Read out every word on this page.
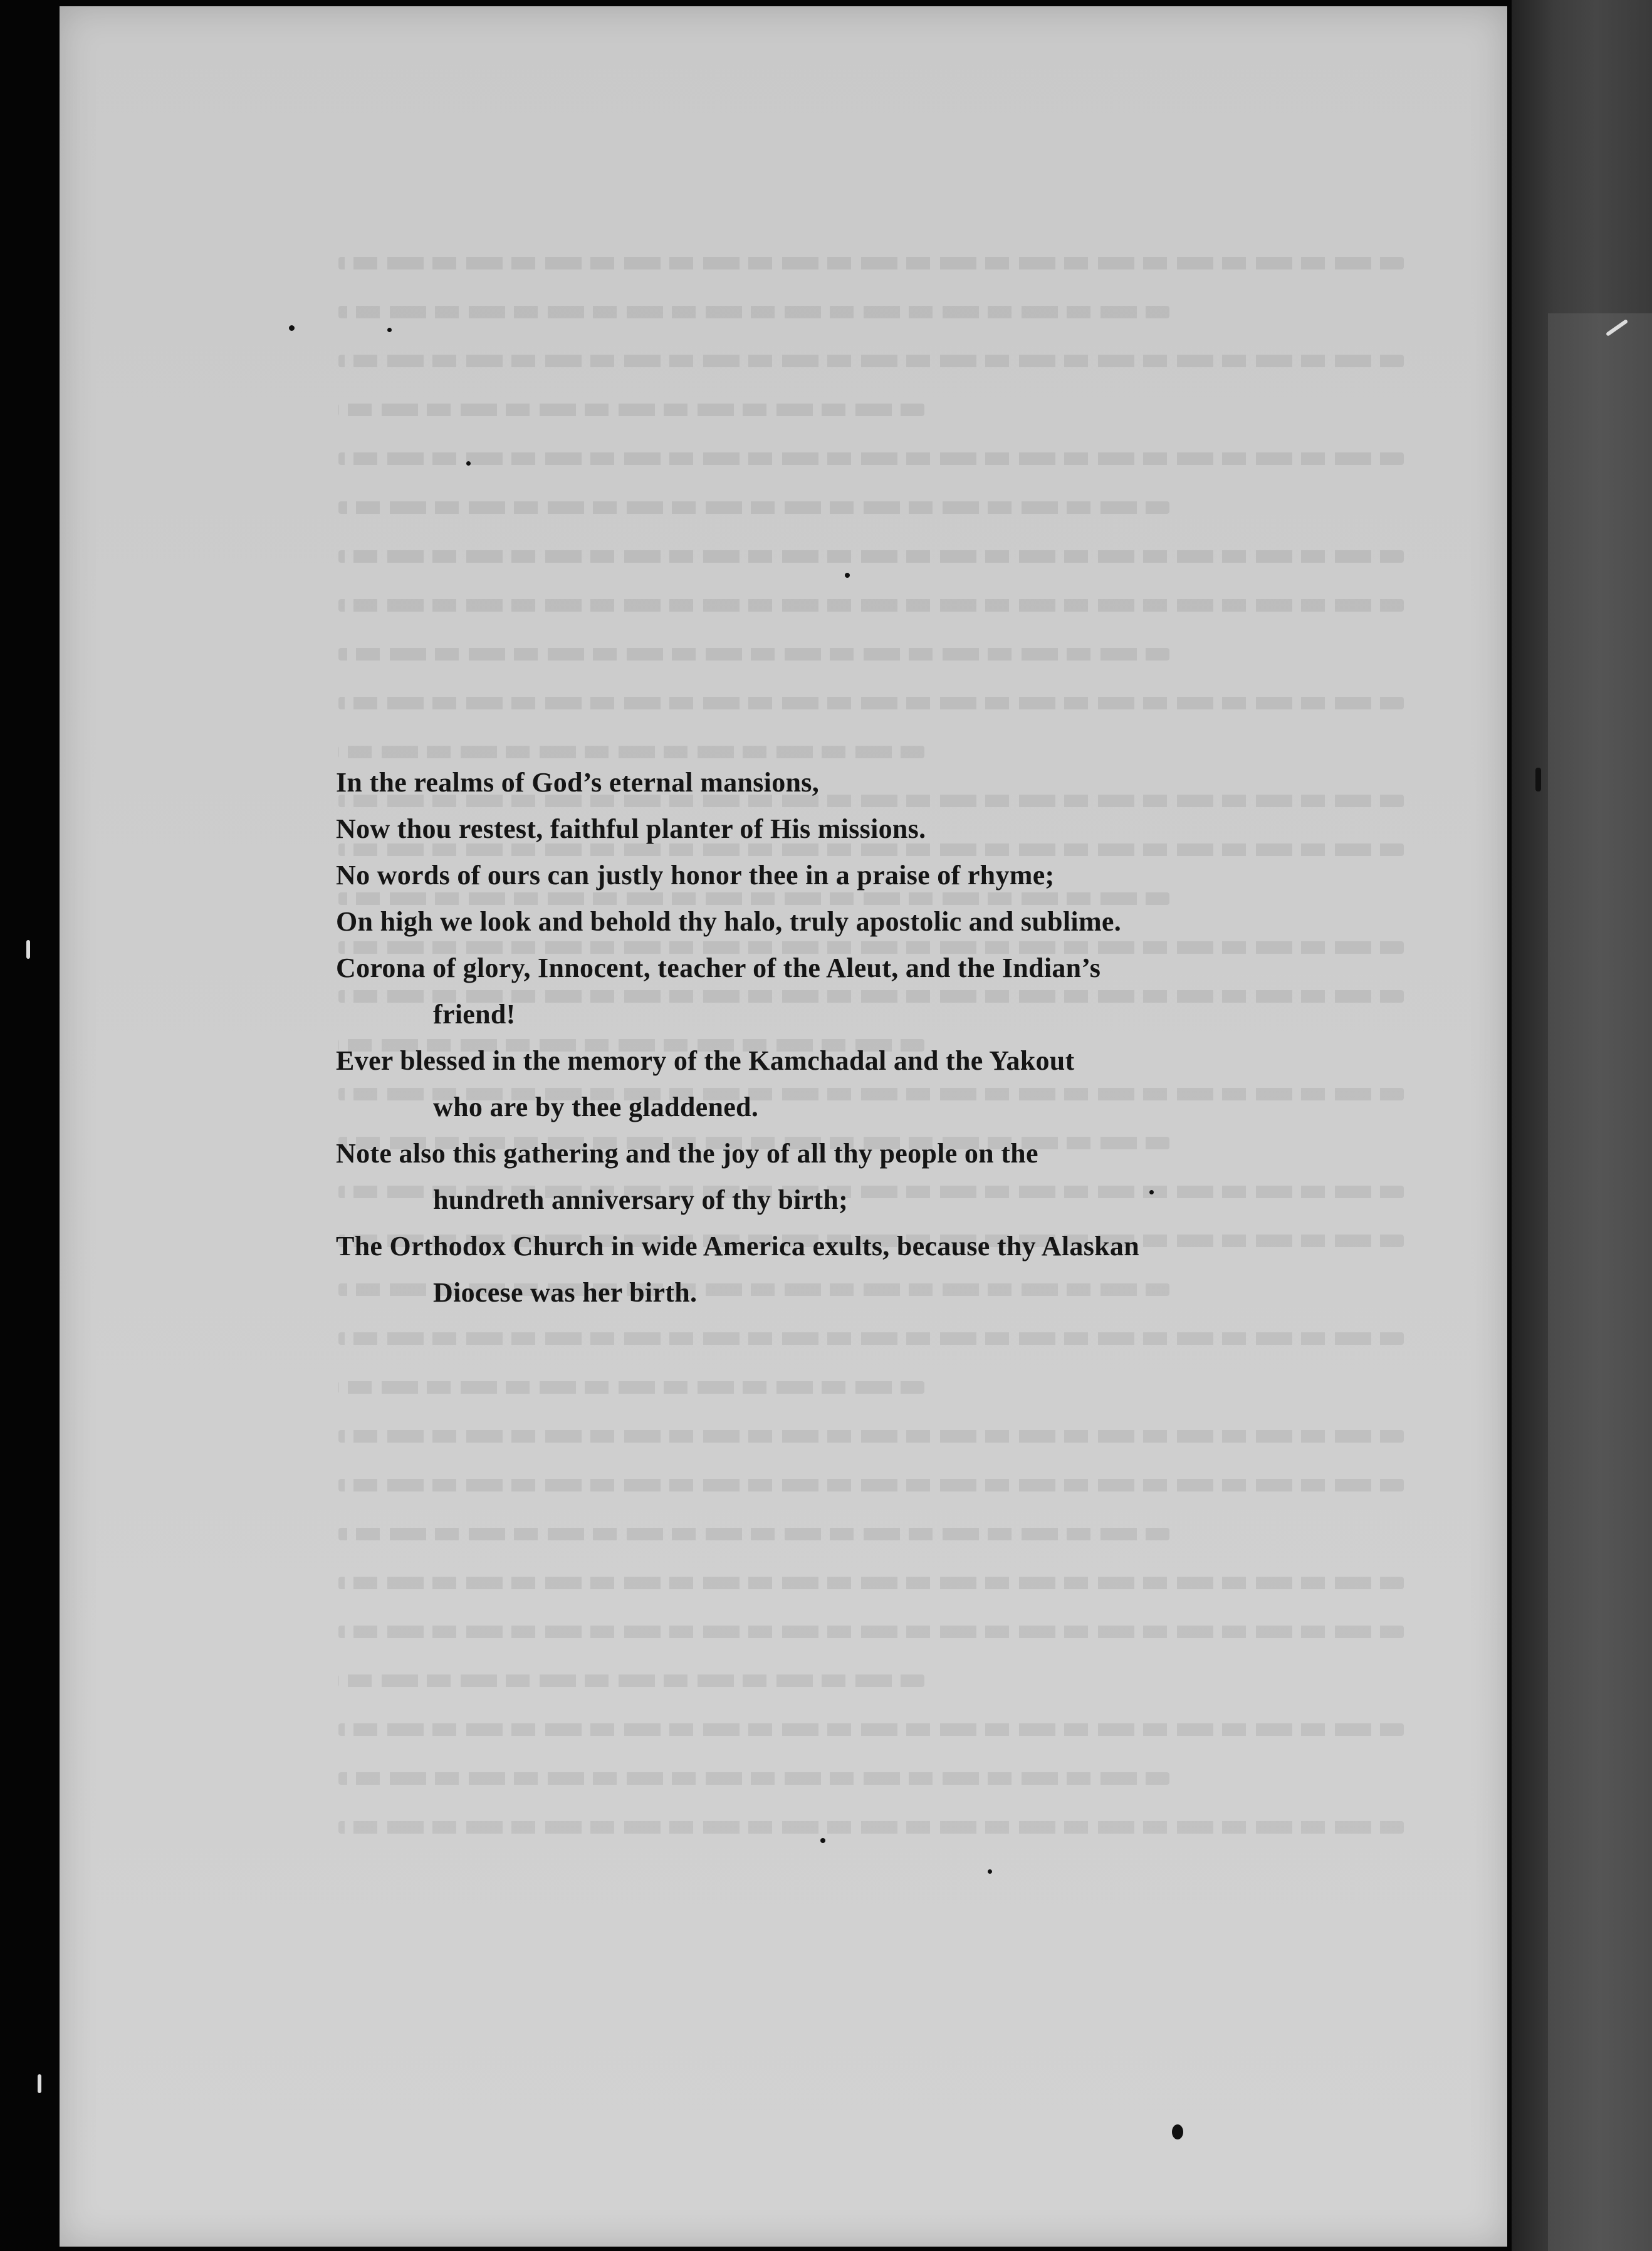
In the realms of God’s eternal mansions,
Now thou restest, faithful planter of His missions.
No words of ours can justly honor thee in a praise of rhyme;
On high we look and behold thy halo, truly apostolic and sublime.
Corona of glory, Innocent, teacher of the Aleut, and the Indian’s
friend!
Ever blessed in the memory of the Kamchadal and the Yakout
who are by thee gladdened.
Note also this gathering and the joy of all thy people on the
hundreth anniversary of thy birth;
The Orthodox Church in wide America exults, because thy Alaskan
Diocese was her birth.
